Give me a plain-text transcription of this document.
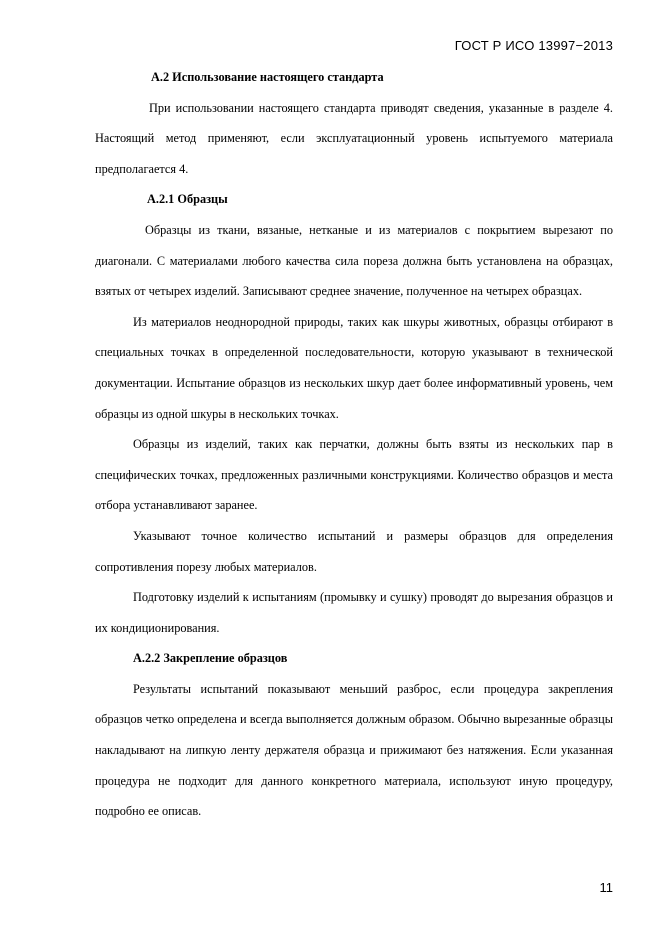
ГОСТ Р ИСО 13997−2013
А.2 Использование настоящего стандарта

При использовании настоящего стандарта приводят сведения, указанные в разделе 4. Настоящий метод применяют, если эксплуатационный уровень испытуемого материала предполагается 4.

А.2.1 Образцы

Образцы из ткани, вязаные, нетканые и из материалов с покрытием вырезают по диагонали. С материалами любого качества сила пореза должна быть установлена на образцах, взятых от четырех изделий. Записывают среднее значение, полученное на четырех образцах.

Из материалов неоднородной природы, таких как шкуры животных, образцы отбирают в специальных точках в определенной последовательности, которую указывают в технической документации. Испытание образцов из нескольких шкур дает более информативный уровень, чем образцы из одной шкуры в нескольких точках.

Образцы из изделий, таких как перчатки, должны быть взяты из нескольких пар в специфических точках, предложенных различными конструкциями. Количество образцов и места отбора устанавливают заранее.

Указывают точное количество испытаний и размеры образцов для определения сопротивления порезу любых материалов.

Подготовку изделий к испытаниям (промывку и сушку) проводят до вырезания образцов и их кондиционирования.

А.2.2 Закрепление образцов

Результаты испытаний показывают меньший разброс, если процедура закрепления образцов четко определена и всегда выполняется должным образом. Обычно вырезанные образцы накладывают на липкую ленту держателя образца и прижимают без натяжения. Если указанная процедура не подходит для данного конкретного материала, используют иную процедуру, подробно ее описав.

11
